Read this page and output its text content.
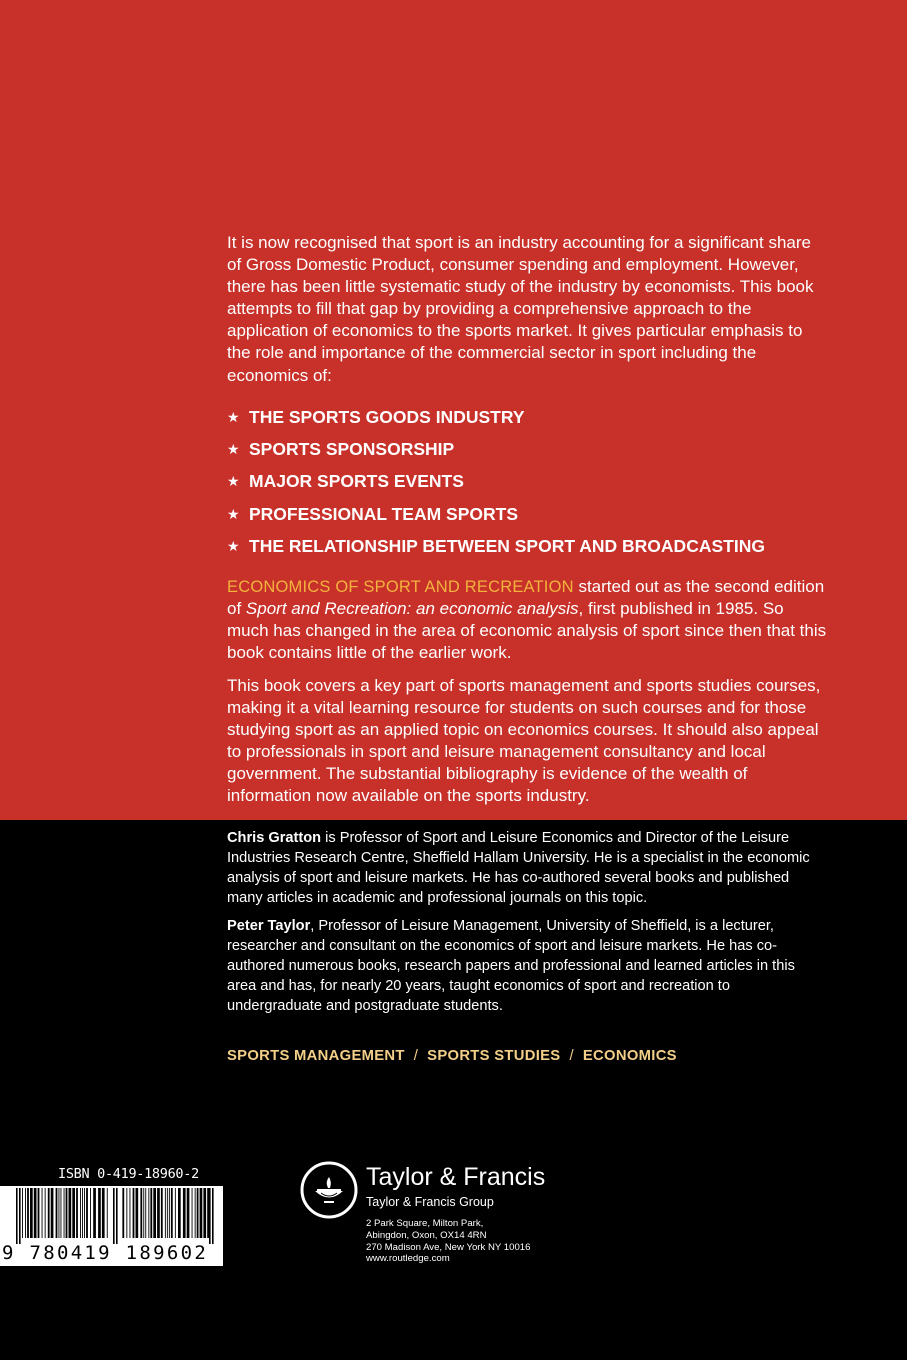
It is now recognised that sport is an industry accounting for a significant share of Gross Domestic Product, consumer spending and employment. However, there has been little systematic study of the industry by economists. This book attempts to fill that gap by providing a comprehensive approach to the application of economics to the sports market. It gives particular emphasis to the role and importance of the commercial sector in sport including the economics of:

★ THE SPORTS GOODS INDUSTRY
★ SPORTS SPONSORSHIP
★ MAJOR SPORTS EVENTS
★ PROFESSIONAL TEAM SPORTS
★ THE RELATIONSHIP BETWEEN SPORT AND BROADCASTING

ECONOMICS OF SPORT AND RECREATION started out as the second edition of Sport and Recreation: an economic analysis, first published in 1985. So much has changed in the area of economic analysis of sport since then that this book contains little of the earlier work.

This book covers a key part of sports management and sports studies courses, making it a vital learning resource for students on such courses and for those studying sport as an applied topic on economics courses. It should also appeal to professionals in sport and leisure management consultancy and local government. The substantial bibliography is evidence of the wealth of information now available on the sports industry.

Chris Gratton is Professor of Sport and Leisure Economics and Director of the Leisure Industries Research Centre, Sheffield Hallam University. He is a specialist in the economic analysis of sport and leisure markets. He has co-authored several books and published many articles in academic and professional journals on this topic.

Peter Taylor, Professor of Leisure Management, University of Sheffield, is a lecturer, researcher and consultant on the economics of sport and leisure markets. He has co-authored numerous books, research papers and professional and learned articles in this area and has, for nearly 20 years, taught economics of sport and recreation to undergraduate and postgraduate students.

SPORTS MANAGEMENT / SPORTS STUDIES / ECONOMICS
ISBN 0-419-18960-2
9 780419 189602
Taylor & Francis
Taylor & Francis Group
2 Park Square, Milton Park,
Abingdon, Oxon, OX14 4RN
270 Madison Ave, New York NY 10016
www.routledge.com
